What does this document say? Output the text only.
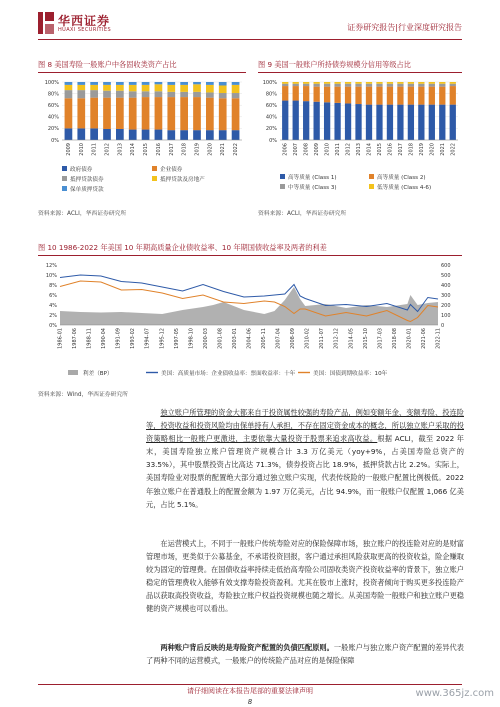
华西证券
HUAXI SECURITIES	证券研究报告|行业深度研究报告
图 8 美国寿险一般账户中各固收类资产占比
0%
20%
40%
60%
80%
100%
2009 2010 2011 2012 2013 2014 2015 2016 2017 2018 2019 2020 2021 2022
政府债券	企业债券
抵押贷款债券	抵押贷款及房地产
保单质押贷款
资料来源：ACLI，华西证券研究所
图 9 美国一般账户所持债券规模分信用等级占比
0%
20%
40%
60%
80%
100%
2006 2007 2008 2009 2010 2011 2012 2013 2014 2015 2016 2017 2018 2019 2020 2021 2022
高等质量 (Class 1)	高等质量 (Class 2)
中等质量 (Class 3)	低等质量 (Class 4-6)
资料来源：ACLI，华西证券研究所
图 10 1986-2022 年美国 10 年期高质量企业债收益率、10 年期国债收益率及两者的利差
0%
2%
4%
6%
8%
10%
12%
0
100
200
300
400
500
600
1986-01 1987-06 1988-11 1990-04 1991-09 1993-02 1994-07 1995-12 1997-05 1998-10 2000-03 2001-08 2003-01 2004-06 2005-11 2007-04 2008-09 2010-02 2011-07 2012-12 2014-05 2015-10 2017-03 2018-08 2020-01 2021-06 2022-11
利差（BP）	美国：高质量市场：企业债收益率：票面收益率：十年	美国：国债到期收益率：10年
资料来源：Wind，华西证券研究所

独立账户所管理的资金大都来自于投资属性较强的寿险产品，例如变额年金、变额寿险、投连险等，投资收益和投资风险均由保单持有人承担，不存在固定资金成本的概念，所以独立账户采取的投资策略相比一般账户更激进，主要依靠大量投资于股票来追求高收益。根据 ACLI，截至 2022 年末，美国寿险独立账户管理资产规模合计 3.3 万亿美元（yoy+9%，占美国寿险总资产的 33.5%），其中股票投资占比高达 71.3%，债券投资占比 18.9%，抵押贷款占比 2.2%。实际上，美国寿险业对股票的配置绝大部分通过独立账户实现，代表传统险的一般账户配置比例极低。2022 年独立账户在普通股上的配置金额为 1.97 万亿美元，占比 94.9%，而一般账户仅配置 1,066 亿美元，占比 5.1%。

在运营模式上，不同于一般账户传统寿险对应的保险保障市场，独立账户的投连险对应的是财富管理市场，更类似于公募基金，不承诺投资回报，客户通过承担风险获取更高的投资收益，险企赚取较为固定的管理费。在国债收益率持续走低抬高寿险公司固收类资产投资收益率的背景下，独立账户稳定的管理费收入能够有效支撑寿险投资盈利。尤其在股市上涨时，投资者倾向于购买更多投连险产品以获取高投资收益，寿险独立账户权益投资规模也随之增长。从美国寿险一般账户和独立账户更稳健的资产规模也可以看出。

两种账户背后反映的是寿险资产配置的负债匹配原则。一般账户与独立账户资产配置的差异代表了两种不同的运营模式，一般账户的传统险产品对应的是保险保障

请仔细阅读在本报告尾部的重要法律声明
8
www.365jz.com
